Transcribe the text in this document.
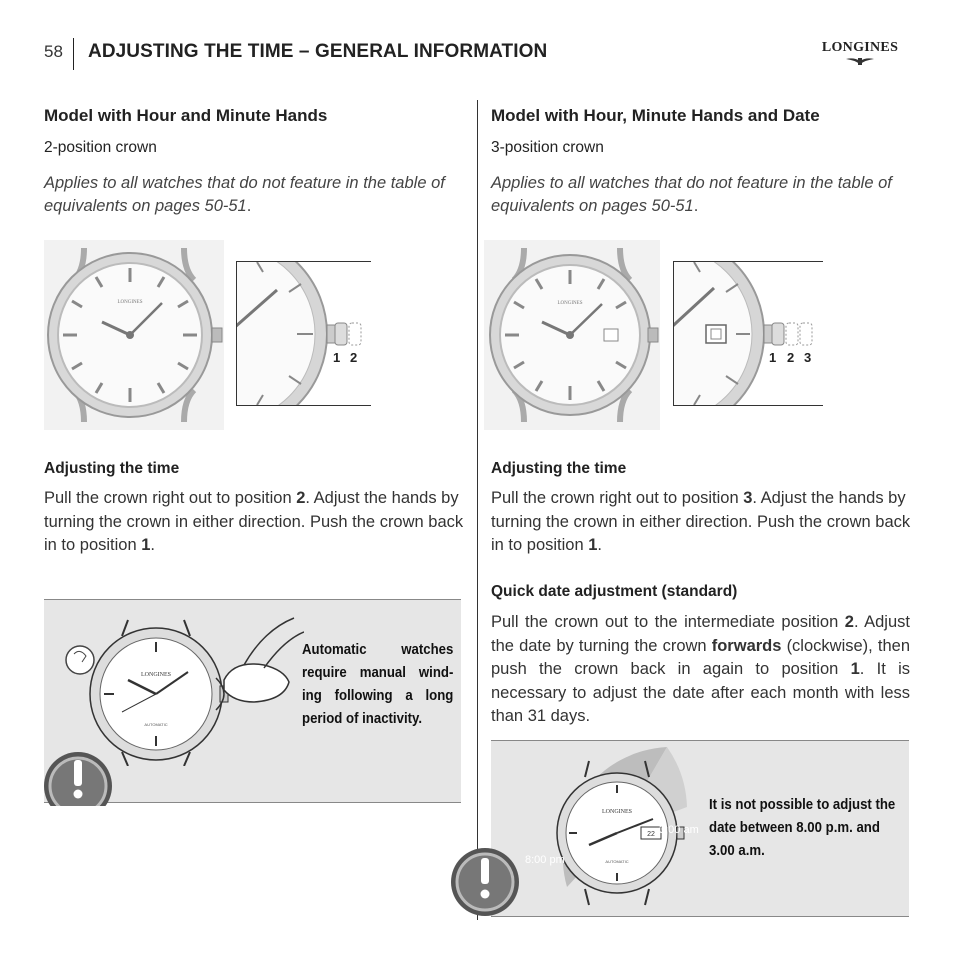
58 ADJUSTING THE TIME – GENERAL INFORMATION	LONGINES
Model with Hour and Minute Hands
2-position crown
Applies to all watches that do not feature in the table of equivalents on pages 50-51.
LONGINES
1 2
Adjusting the time
Pull the crown right out to position 2. Adjust the hands by turning the crown in either direction. Push the crown back in to position 1.
LONGINES
AUTOMATIC
Automatic watches require manual wind-ing following a long period of inactivity.
Model with Hour, Minute Hands and Date
3-position crown
Applies to all watches that do not feature in the table of equivalents on pages 50-51.
LONGINES
1 2 3
Adjusting the time
Pull the crown right out to position 3. Adjust the hands by turning the crown in either direction. Push the crown back in to position 1.
Quick date adjustment (standard)
Pull the crown out to the intermediate position 2. Adjust the date by turning the crown forwards (clockwise), then push the crown back in again to position 1. It is necessary to adjust the date after each month with less than 31 days.
22
LONGINES
AUTOMATIC
8:00 pm
3:00 am
It is not possible to adjust the date between 8.00 p.m. and 3.00 a.m.
